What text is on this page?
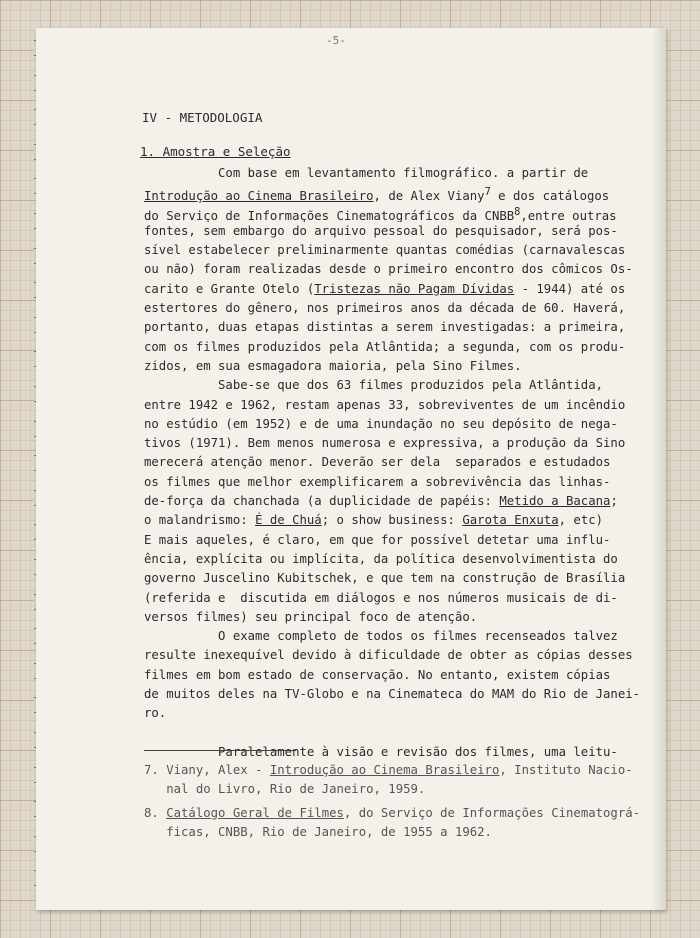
-5-
IV - METODOLOGIA
1. Amostra e Seleção
Com base em levantamento filmográfico. a partir de
Introdução ao Cinema Brasileiro, de Alex Viany$^7$ e dos catálogos
do Serviço de Informações Cinematográficos da CNBB$^8$,entre outras
fontes, sem embargo do arquivo pessoal do pesquisador, será pos-
sível estabelecer preliminarmente quantas comédias (carnavalescas
ou não) foram realizadas desde o primeiro encontro dos cômicos Os-
carito e Grante Otelo (Tristezas não Pagam Dívidas - 1944) até os
estertores do gênero, nos primeiros anos da década de 60. Haverá,
portanto, duas etapas distintas a serem investigadas: a primeira,
com os filmes produzidos pela Atlântida; a segunda, com os produ-
zidos, em sua esmagadora maioria, pela Sino Filmes.
Sabe-se que dos 63 filmes produzidos pela Atlântida,
entre 1942 e 1962, restam apenas 33, sobreviventes de um incêndio
no estúdio (em 1952) e de uma inundação no seu depósito de nega-
tivos (1971). Bem menos numerosa e expressiva, a produção da Sino
merecerá atenção menor. Deverão ser dela  separados e estudados
os filmes que melhor exemplificarem a sobrevivência das linhas-
de-força da chanchada (a duplicidade de papéis: Metido a Bacana;
o malandrismo: É de Chuá; o show business: Garota Enxuta, etc)
E mais aqueles, é claro, em que for possível detetar uma influ-
ência, explícita ou implícita, da política desenvolvimentista do
governo Juscelino Kubitschek, e que tem na construção de Brasília
(referida e  discutida em diálogos e nos números musicais de di-
versos filmes) seu principal foco de atenção.
O exame completo de todos os filmes recenseados talvez
resulte inexequível devido à dificuldade de obter as cópias desses
filmes em bom estado de conservação. No entanto, existem cópias
de muitos deles na TV-Globo e na Cinemateca do MAM do Rio de Janei-
ro.
Paralelamente à visão e revisão dos filmes, uma leitu-
7. Viany, Alex - Introdução ao Cinema Brasileiro, Instituto Nacio-
nal do Livro, Rio de Janeiro, 1959.
8. Catálogo Geral de Filmes, do Serviço de Informações Cinematográ-
ficas, CNBB, Rio de Janeiro, de 1955 a 1962.
